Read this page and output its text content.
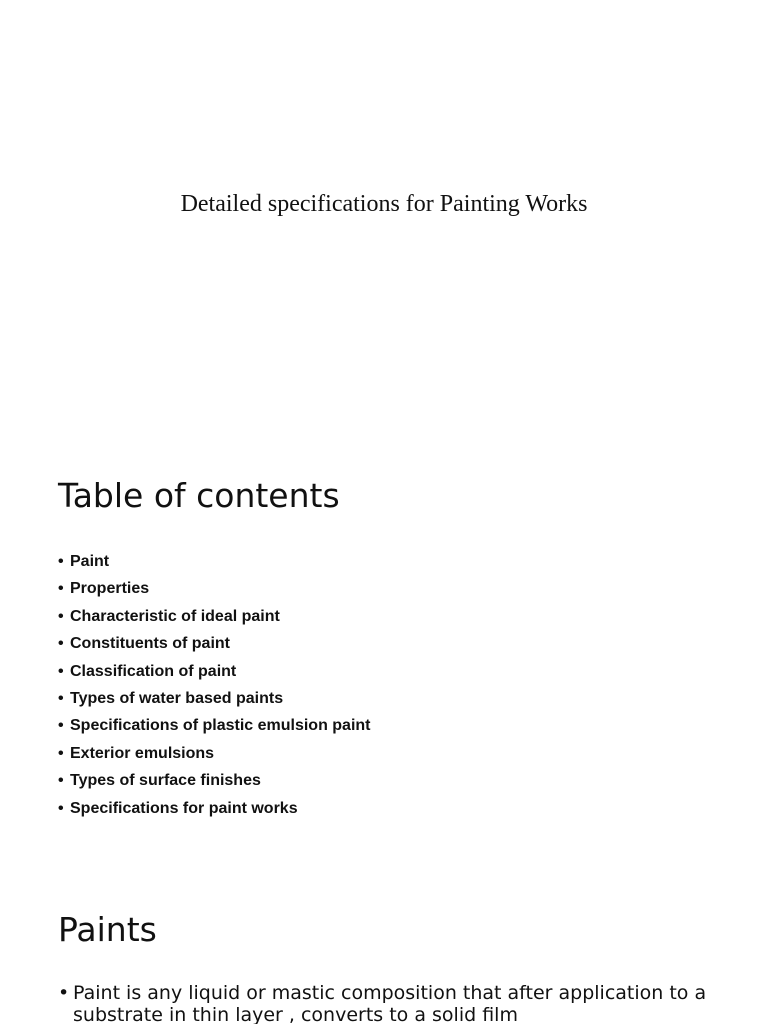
Detailed specifications for Painting Works
Table of contents
• Paint
• Properties
• Characteristic of ideal paint
• Constituents of paint
• Classification of paint
• Types of water based paints
• Specifications of plastic emulsion paint
• Exterior emulsions
• Types of surface finishes
• Specifications for paint works
Paints
• Paint is any liquid or mastic composition that after application to a substrate in thin layer , converts to a solid film
